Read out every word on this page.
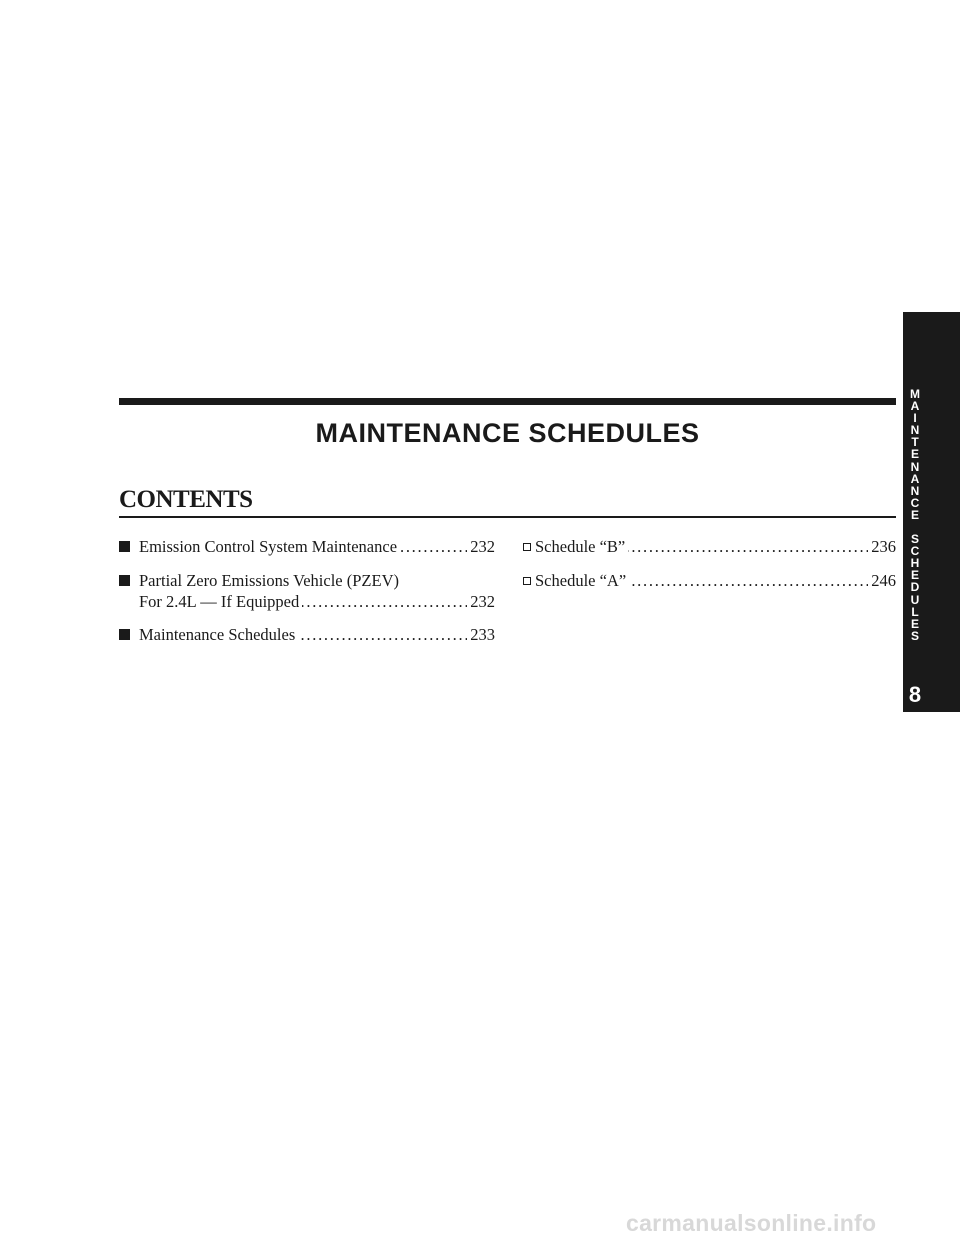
MAINTENANCE SCHEDULES
CONTENTS
Emission Control System Maintenance . . .	232
Partial Zero Emissions Vehicle (PZEV)
For 2.4L — If Equipped . . .	232
Maintenance Schedules . . .	233
Schedule “B” . . .	236
Schedule “A” . . .	246
M
A
I
N
T
E
N
A
N
C
E
S
C
H
E
D
U
L
E
S
8
carmanualsonline.info
